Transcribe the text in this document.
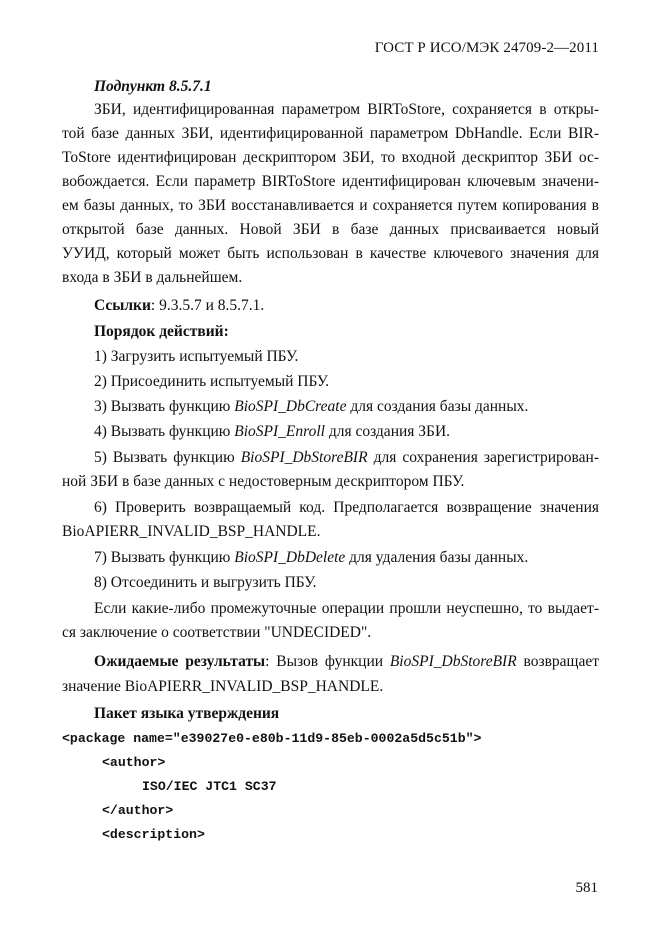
ГОСТ Р ИСО/МЭК 24709-2—2011
Подпункт 8.5.7.1
ЗБИ, идентифицированная параметром BIRToStore, сохраняется в откры-
той базе данных ЗБИ, идентифицированной параметром DbHandle. Если BIR-
ToStore идентифицирован дескриптором ЗБИ, то входной дескриптор ЗБИ ос-
вобождается. Если параметр BIRToStore идентифицирован ключевым значени-
ем базы данных, то ЗБИ восстанавливается и сохраняется путем копирования в
открытой базе данных. Новой ЗБИ в базе данных присваивается новый
УУИД, который может быть использован в качестве ключевого значения для
входа в ЗБИ в дальнейшем.
Ссылки: 9.3.5.7 и 8.5.7.1.
Порядок действий:
1) Загрузить испытуемый ПБУ.
2) Присоединить испытуемый ПБУ.
3) Вызвать функцию BioSPI_DbCreate для создания базы данных.
4) Вызвать функцию BioSPI_Enroll для создания ЗБИ.
5) Вызвать функцию BioSPI_DbStoreBIR для сохранения зарегистрирован-
ной ЗБИ в базе данных с недостоверным дескриптором ПБУ.
6) Проверить возвращаемый код. Предполагается возвращение значения
BioAPIERR_INVALID_BSP_HANDLE.
7) Вызвать функцию BioSPI_DbDelete для удаления базы данных.
8) Отсоединить и выгрузить ПБУ.
Если какие-либо промежуточные операции прошли неуспешно, то выдает-
ся заключение о соответствии "UNDECIDED".
Ожидаемые результаты: Вызов функции BioSPI_DbStoreBIR возвращает
значение BioAPIERR_INVALID_BSP_HANDLE.
Пакет языка утверждения
<package name="e39027e0-e80b-11d9-85eb-0002a5d5c51b">
<author>
ISO/IEC JTC1 SC37
</author>
<description>
581
